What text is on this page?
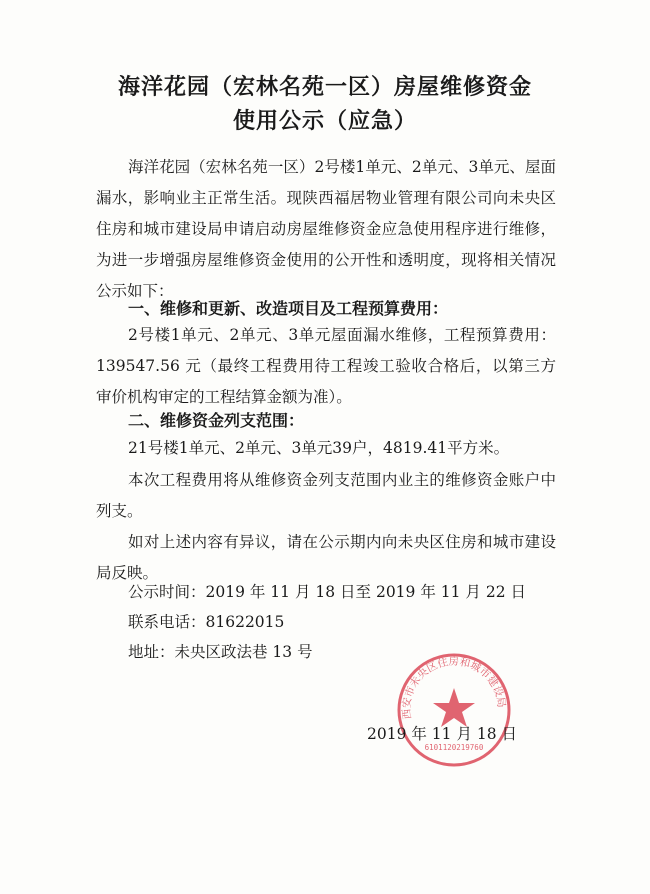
海洋花园（宏林名苑一区）房屋维修资金
使用公示（应急）
海洋花园（宏林名苑一区）2号楼1单元、2单元、3单元、屋面漏水，影响业主正常生活。现陕西福居物业管理有限公司向未央区住房和城市建设局申请启动房屋维修资金应急使用程序进行维修，为进一步增强房屋维修资金使用的公开性和透明度，现将相关情况公示如下：
一、维修和更新、改造项目及工程预算费用：
2号楼1单元、2单元、3单元屋面漏水维修，工程预算费用：139547.56 元（最终工程费用待工程竣工验收合格后，以第三方审价机构审定的工程结算金额为准）。
二、维修资金列支范围：
21号楼1单元、2单元、3单元39户，4819.41平方米。
本次工程费用将从维修资金列支范围内业主的维修资金账户中列支。
如对上述内容有异议，请在公示期内向未央区住房和城市建设局反映。
公示时间：2019 年 11 月 18 日至 2019 年 11 月 22 日
联系电话：81622015
地址：未央区政法巷 13 号
西安市未央区住房和城市建设局
6101120219760
2019 年 11 月 18 日
